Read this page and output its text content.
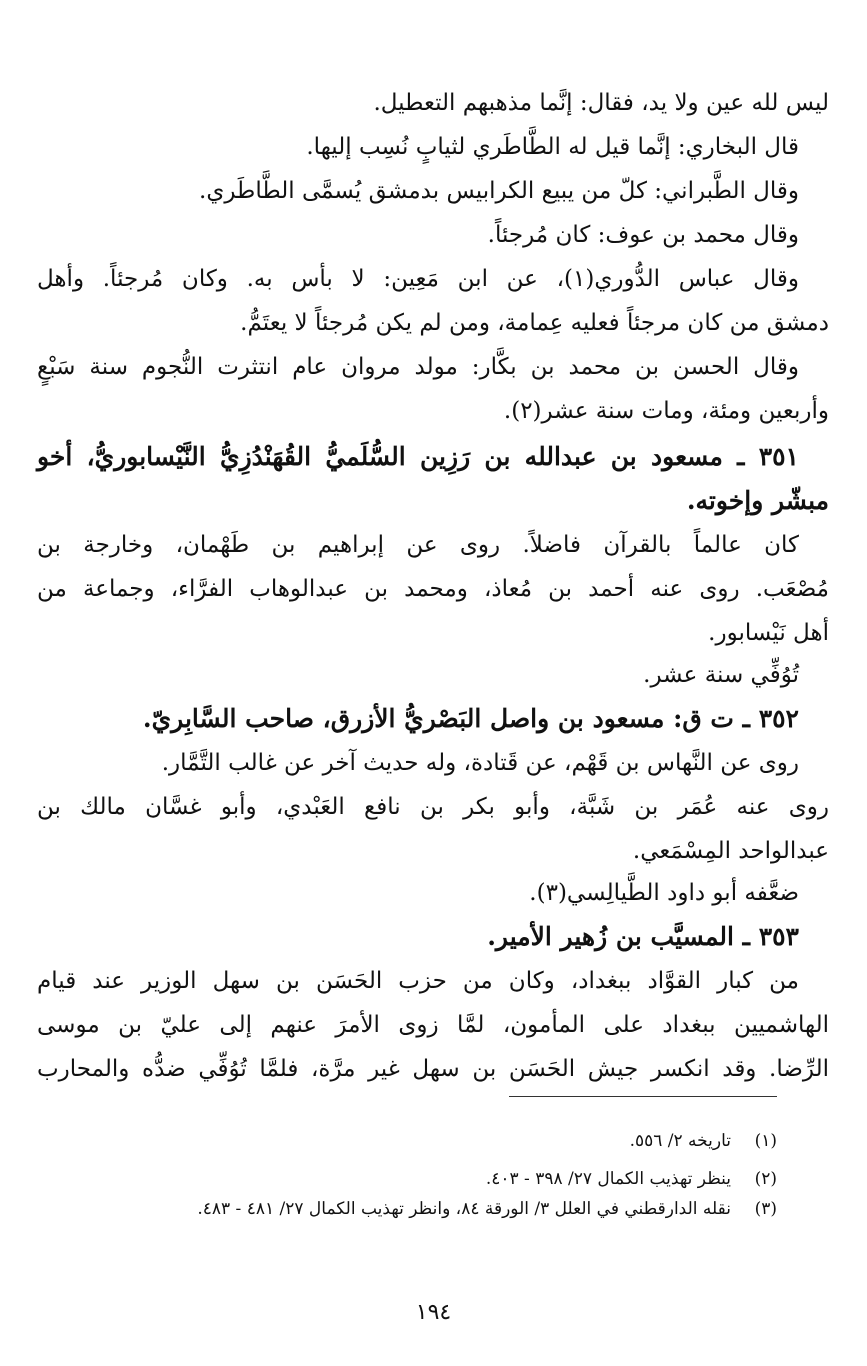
ليس لله عين ولا يد، فقال: إنَّما مذهبهم التعطيل.
قال البخاري: إنَّما قيل له الطَّاطَري لثيابٍ نُسِب إليها.
وقال الطَّبراني: كلّ من يبيع الكرابيس بدمشق يُسمَّى الطَّاطَري.
وقال محمد بن عوف: كان مُرجئاً.
وقال عباس الدُّوري(١)، عن ابن مَعِين: لا بأس به. وكان مُرجئاً. وأهل
دمشق من كان مرجئاً فعليه عِمامة، ومن لم يكن مُرجئاً لا يعتَمُّ.
وقال الحسن بن محمد بن بكَّار: مولد مروان عام انتثرت النُّجوم سنة سَبْعٍ
وأربعين ومئة، ومات سنة عشر(٢).
٣٥١ ـ مسعود بن عبدالله بن رَزِين السُّلَميُّ القُهَنْدُزِيُّ النَّيْسابوريُّ، أخو
مبشّر وإخوته.
كان عالماً بالقرآن فاضلاً. روى عن إبراهيم بن طَهْمان، وخارجة بن
مُصْعَب. روى عنه أحمد بن مُعاذ، ومحمد بن عبدالوهاب الفرَّاء، وجماعة من
أهل نَيْسابور.
تُوُفِّي سنة عشر.
٣٥٢ ـ ت ق: مسعود بن واصل البَصْريُّ الأزرق، صاحب السَّابِريّ.
روى عن النَّهاس بن قَهْم، عن قَتادة، وله حديث آخر عن غالب التَّمَّار.
روى عنه عُمَر بن شَبَّة، وأبو بكر بن نافع العَبْدي، وأبو غسَّان مالك بن
عبدالواحد المِسْمَعي.
ضعَّفه أبو داود الطَّيالِسي(٣).
٣٥٣ ـ المسيَّب بن زُهير الأمير.
من كبار القوَّاد ببغداد، وكان من حزب الحَسَن بن سهل الوزير عند قيام
الهاشميين ببغداد على المأمون، لمَّا زوى الأمرَ عنهم إلى عليّ بن موسى
الرِّضا. وقد انكسر جيش الحَسَن بن سهل غير مرَّة، فلمَّا تُوُفِّي ضدُّه والمحارب
(١)تاريخه ٢/ ٥٥٦.
(٢)ينظر تهذيب الكمال ٢٧/ ٣٩٨ - ٤٠٣.
(٣)نقله الدارقطني في العلل ٣/ الورقة ٨٤، وانظر تهذيب الكمال ٢٧/ ٤٨١ - ٤٨٣.
١٩٤
